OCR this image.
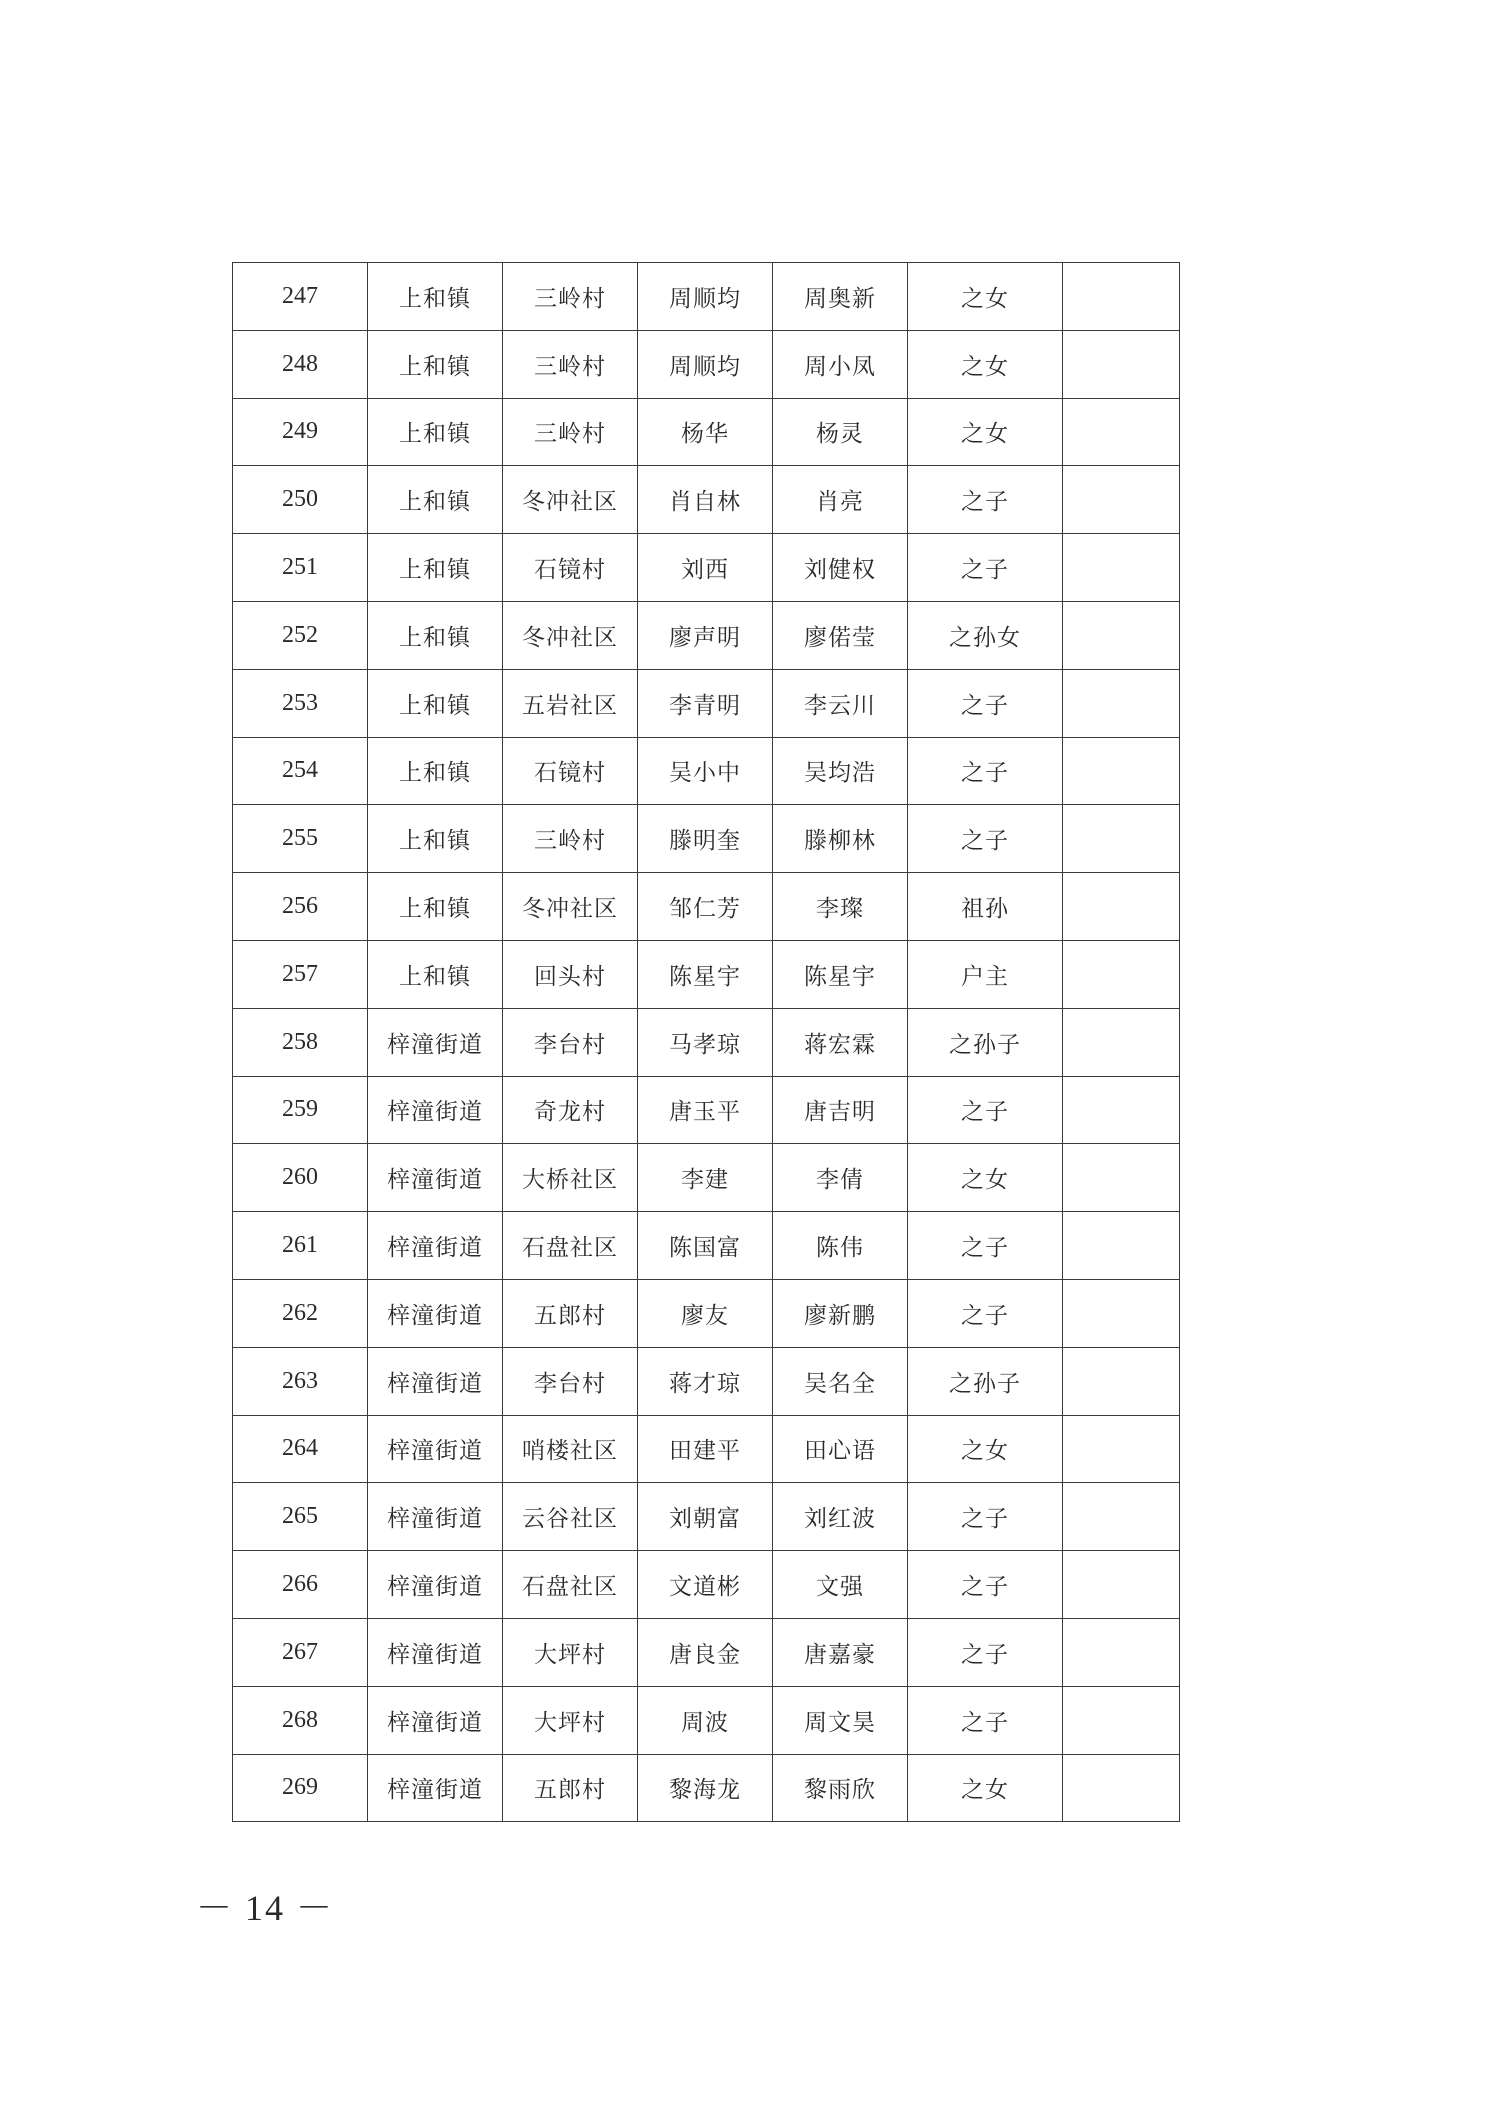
247	上和镇	三岭村	周顺均	周奥新	之女	
248	上和镇	三岭村	周顺均	周小凤	之女	
249	上和镇	三岭村	杨华	杨灵	之女	
250	上和镇	冬冲社区	肖自林	肖亮	之子	
251	上和镇	石镜村	刘西	刘健权	之子	
252	上和镇	冬冲社区	廖声明	廖偌莹	之孙女	
253	上和镇	五岩社区	李青明	李云川	之子	
254	上和镇	石镜村	吴小中	吴均浩	之子	
255	上和镇	三岭村	滕明奎	滕柳林	之子	
256	上和镇	冬冲社区	邹仁芳	李璨	祖孙	
257	上和镇	回头村	陈星宇	陈星宇	户主	
258	梓潼街道	李台村	马孝琼	蒋宏霖	之孙子	
259	梓潼街道	奇龙村	唐玉平	唐吉明	之子	
260	梓潼街道	大桥社区	李建	李倩	之女	
261	梓潼街道	石盘社区	陈国富	陈伟	之子	
262	梓潼街道	五郎村	廖友	廖新鹏	之子	
263	梓潼街道	李台村	蒋才琼	吴名全	之孙子	
264	梓潼街道	哨楼社区	田建平	田心语	之女	
265	梓潼街道	云谷社区	刘朝富	刘红波	之子	
266	梓潼街道	石盘社区	文道彬	文强	之子	
267	梓潼街道	大坪村	唐良金	唐嘉豪	之子	
268	梓潼街道	大坪村	周波	周文昊	之子	
269	梓潼街道	五郎村	黎海龙	黎雨欣	之女	
－ 14 －
